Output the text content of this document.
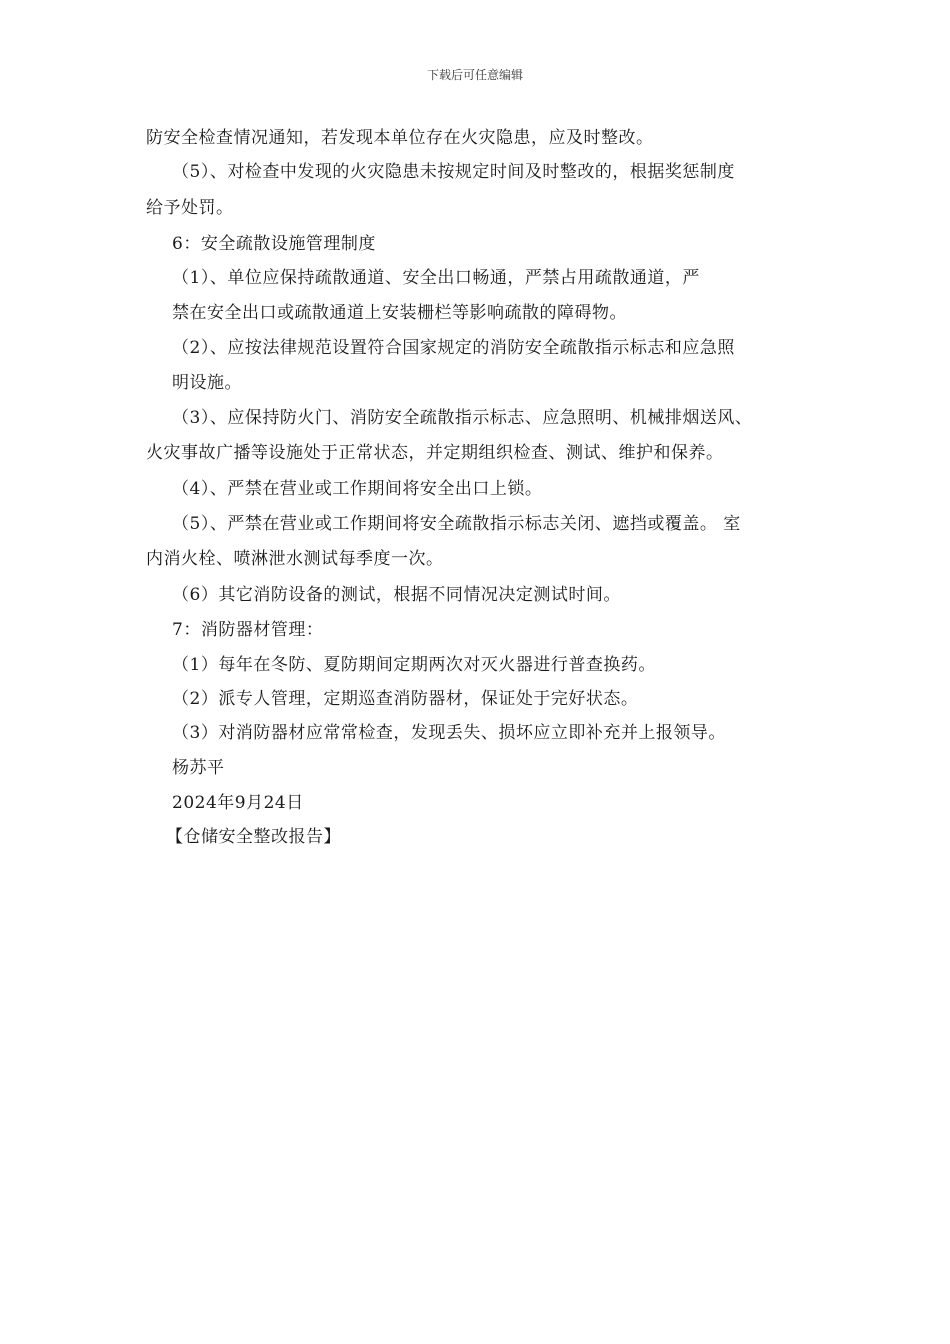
下载后可任意编辑
防安全检查情况通知，若发现本单位存在火灾隐患，应及时整改。
（5）、对检查中发现的火灾隐患未按规定时间及时整改的，根据奖惩制度
给予处罚。
6：安全疏散设施管理制度
（1）、单位应保持疏散通道、安全出口畅通，严禁占用疏散通道，严
禁在安全出口或疏散通道上安装栅栏等影响疏散的障碍物。
（2）、应按法律规范设置符合国家规定的消防安全疏散指示标志和应急照
明设施。
（3）、应保持防火门、消防安全疏散指示标志、应急照明、机械排烟送风、
火灾事故广播等设施处于正常状态，并定期组织检查、测试、维护和保养。
（4）、严禁在营业或工作期间将安全出口上锁。
（5）、严禁在营业或工作期间将安全疏散指示标志关闭、遮挡或覆盖。 室
内消火栓、喷淋泄水测试每季度一次。
（6）其它消防设备的测试，根据不同情况决定测试时间。
7：消防器材管理：
（1）每年在冬防、夏防期间定期两次对灭火器进行普查换药。
（2）派专人管理，定期巡查消防器材，保证处于完好状态。
（3）对消防器材应常常检查，发现丢失、损坏应立即补充并上报领导。
杨苏平
2024年9月24日
【仓储安全整改报告】
